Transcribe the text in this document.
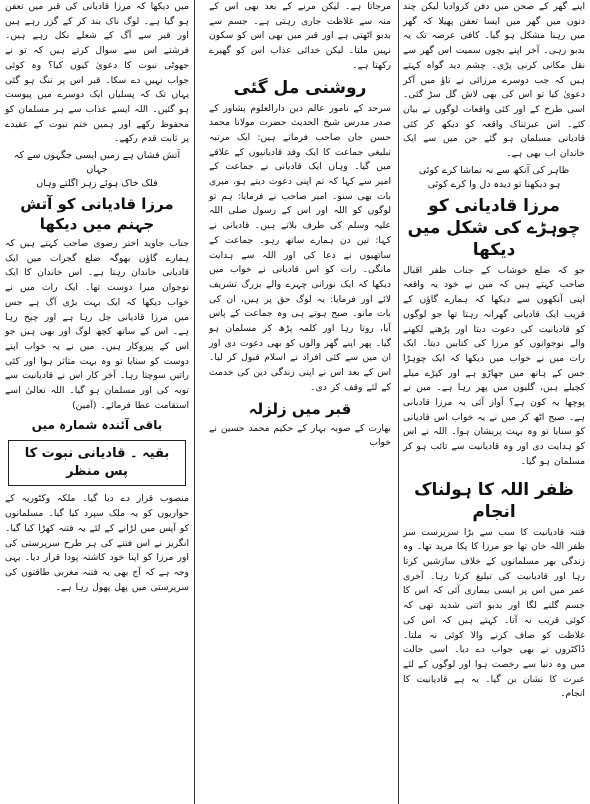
اپنے گھر کے صحن میں دفن کروادیا لیکن چند دنوں میں گھر میں ایسا تعفن پھیلا کہ گھر میں رہنا مشکل ہو گیا۔ کافی عرصہ تک یہ بدبو رہی۔ آخر اپنے بچوں سمیت اس گھر سے نقل مکانی کرنی پڑی۔ چشم دید گواہ کہتے ہیں کہ جب دوسرے مرزائی نے تاؤ میں آکر دعویٰ کیا تو اس کی بھی لاش گل سڑ گئی۔ اسی طرح کے اور کئی واقعات لوگوں نے بیان کئے۔ اس عبرتناک واقعہ کو دیکھ کر کئی قادیانی مسلمان ہو گئے جن میں سے ایک خاندان اب بھی ہے۔

ظاہر کی آنکھ سے نہ تماشا کرے کوئی
ہو دیکھنا تو دیدہ دل وا کرے کوئی
مرزا قادیانی کو چوہڑے کی شکل میں دیکھا

جو کہ ضلع خوشاب کے جناب ظفر اقبال صاحب کہتے ہیں کہ میں نے خود یہ واقعہ اپنی آنکھوں سے دیکھا کہ ہمارے گاؤں کے قریب ایک قادیانی گھرانہ رہتا تھا جو لوگوں کو قادیانیت کی دعوت دیتا اور پڑھنے لکھنے والے نوجوانوں کو مرزا کی کتابیں دیتا۔ ایک رات میں نے خواب میں دیکھا کہ ایک چوہڑا جس کے ہاتھ میں جھاڑو ہے اور کپڑے میلے کچیلے ہیں، گلیوں میں پھر رہا ہے۔ میں نے پوچھا یہ کون ہے؟ آواز آئی یہ مرزا قادیانی ہے۔ صبح اٹھ کر میں نے یہ خواب اس قادیانی کو سنایا تو وہ بہت پریشان ہوا۔ اللہ نے اس کو ہدایت دی اور وہ قادیانیت سے تائب ہو کر مسلمان ہو گیا۔

ظفر اللہ کا ہولناک انجام

فتنہ قادیانیت کا سب سے بڑا سرپرست سر ظفر اللہ خان تھا جو مرزا کا پکا مرید تھا۔ وہ زندگی بھر مسلمانوں کے خلاف سازشیں کرتا رہا اور قادیانیت کی تبلیغ کرتا رہا۔ آخری عمر میں اس پر ایسی بیماری آئی کہ اس کا جسم گلنے لگا اور بدبو اتنی شدید تھی کہ کوئی قریب نہ آتا۔ کہتے ہیں کہ اس کی غلاظت کو صاف کرنے والا کوئی نہ ملتا۔ ڈاکٹروں نے بھی جواب دے دیا۔ اسی حالت میں وہ دنیا سے رخصت ہوا اور لوگوں کے لئے عبرت کا نشان بن گیا۔ یہ ہے قادیانیت کا انجام۔

مرجاتا ہے۔ لیکن مرنے کے بعد بھی اس کے منہ سے غلاظت جاری رہتی ہے۔ جسم سے بدبو اٹھتی ہے اور قبر میں بھی اس کو سکون نہیں ملتا۔ لیکن خدائی عذاب اس کو گھیرے رکھتا ہے۔

روشنی مل گئی

سرحد کے نامور عالم دین دارالعلوم پشاور کے صدر مدرس شیخ الحدیث حضرت مولانا محمد حسن جان صاحب فرماتے ہیں: ایک مرتبہ تبلیغی جماعت کا ایک وفد قادیانیوں کے علاقے میں گیا۔ وہاں ایک قادیانی نے جماعت کے امیر سے کہا کہ تم اپنی دعوت دیتے ہو، میری بات بھی سنو۔ امیر صاحب نے فرمایا: ہم تو لوگوں کو اللہ اور اس کے رسول صلی اللہ علیہ وسلم کی طرف بلاتے ہیں۔ قادیانی نے کہا: تین دن ہمارے ساتھ رہو۔ جماعت کے ساتھیوں نے دعا کی اور اللہ سے ہدایت مانگی۔ رات کو اس قادیانی نے خواب میں دیکھا کہ ایک نورانی چہرے والے بزرگ تشریف لائے اور فرمایا: یہ لوگ حق پر ہیں، ان کی بات مانو۔ صبح ہوتے ہی وہ جماعت کے پاس آیا، روتا رہا اور کلمہ پڑھ کر مسلمان ہو گیا۔ پھر اپنے گھر والوں کو بھی دعوت دی اور ان میں سے کئی افراد نے اسلام قبول کر لیا۔ اس کے بعد اس نے اپنی زندگی دین کی خدمت کے لئے وقف کر دی۔

قبر میں زلزلہ

بھارت کے صوبہ بہار کے حکیم محمد حسین نے خواب

میں دیکھا کہ مرزا قادیانی کی قبر میں تعفن ہو گیا ہے۔ لوگ ناک بند کر کے گزر رہے ہیں اور قبر سے آگ کے شعلے نکل رہے ہیں۔ فرشتے اس سے سوال کرتے ہیں کہ تو نے جھوٹی نبوت کا دعویٰ کیوں کیا؟ وہ کوئی جواب نہیں دے سکا۔ قبر اس پر تنگ ہو گئی یہاں تک کہ پسلیاں ایک دوسرے میں پیوست ہو گئیں۔ اللہ ایسے عذاب سے ہر مسلمان کو محفوظ رکھے اور ہمیں ختم نبوت کے عقیدے پر ثابت قدم رکھے۔

آتش فشاں ہے زمیں ایسی جگہوں سے کہ جہاں
فلک خاک ہوئے زہر اگلتے وہاں
مرزا قادیانی کو آتش جہنم میں دیکھا

جناب جاوید اختر رضوی صاحب کہتے ہیں کہ ہمارے گاؤں بھوگہ ضلع گجرات میں ایک قادیانی خاندان رہتا ہے۔ اس خاندان کا ایک نوجوان میرا دوست تھا۔ ایک رات میں نے خواب دیکھا کہ ایک بہت بڑی آگ ہے جس میں مرزا قادیانی جل رہا ہے اور چیخ رہا ہے۔ اس کے ساتھ کچھ لوگ اور بھی ہیں جو اس کے پیروکار ہیں۔ میں نے یہ خواب اپنے دوست کو سنایا تو وہ بہت متاثر ہوا اور کئی راتیں سوچتا رہا۔ آخر کار اس نے قادیانیت سے توبہ کی اور مسلمان ہو گیا۔ اللہ تعالیٰ اسے استقامت عطا فرمائے۔ (آمین)

باقی آئندہ شمارہ میں
بقیہ ۔ قادیانی نبوت کا پس منظر

منصوب قرار دے دیا گیا۔ ملکہ وکٹوریہ کے حواریوں کو یہ ملک سپرد کیا گیا۔ مسلمانوں کو آپس میں لڑانے کے لئے یہ فتنہ کھڑا کیا گیا۔ انگریز نے اس فتنے کی ہر طرح سرپرستی کی اور مرزا کو اپنا خود کاشتہ پودا قرار دیا۔ یہی وجہ ہے کہ آج بھی یہ فتنہ مغربی طاقتوں کی سرپرستی میں پھل پھول رہا ہے۔
